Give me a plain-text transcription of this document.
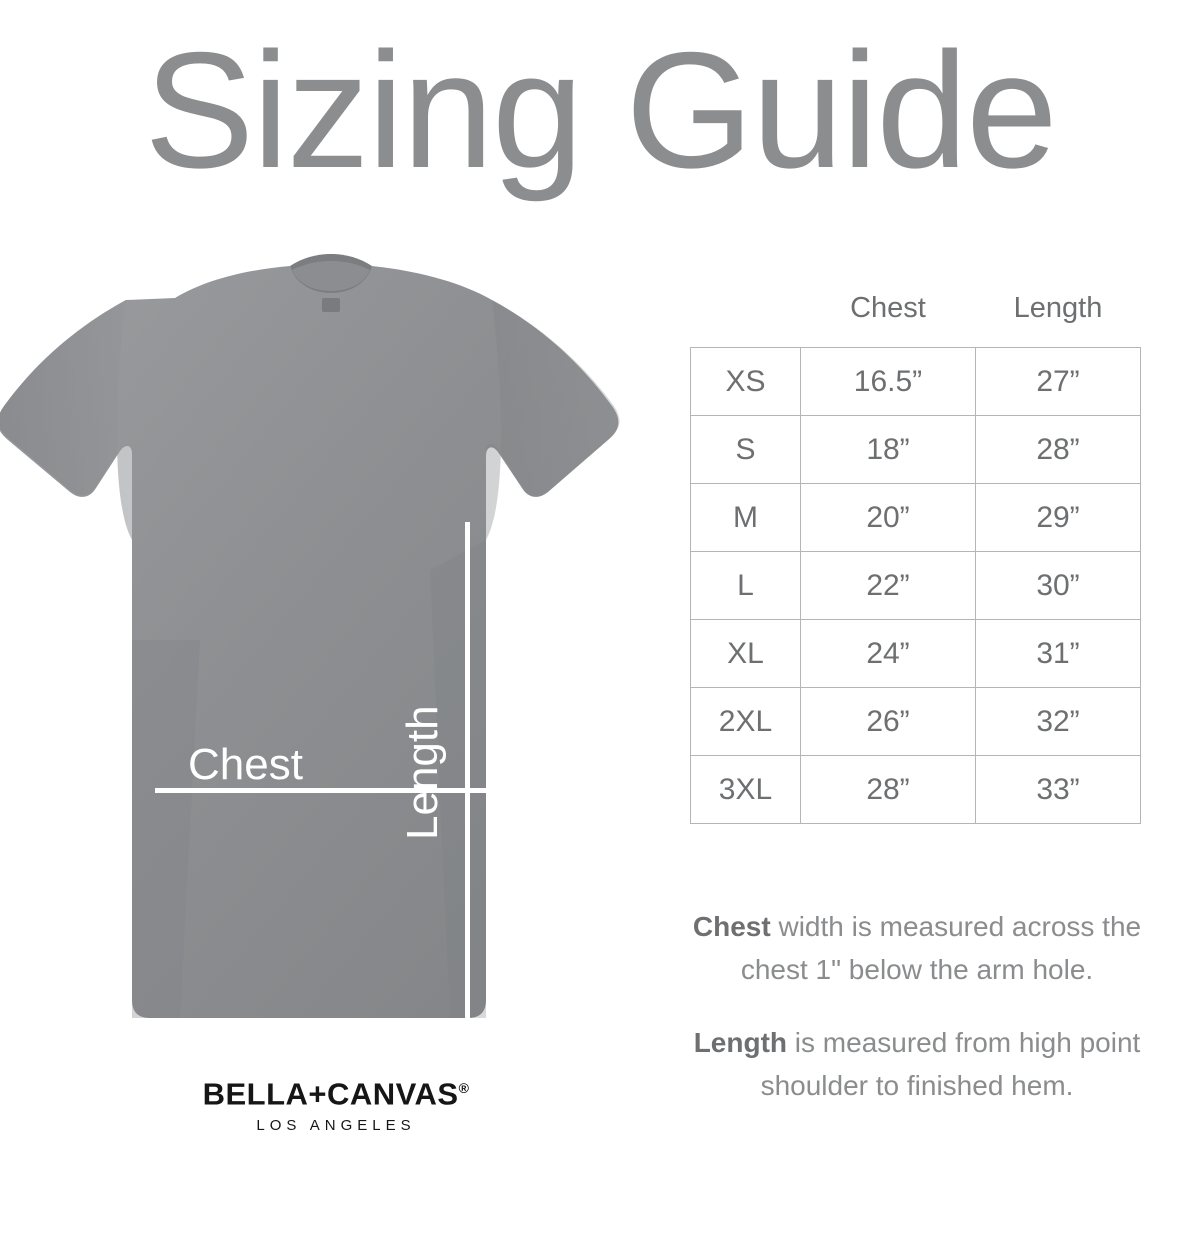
Sizing Guide
Chest Length
BELLA+CANVAS®
LOS ANGELES
	Chest	Length
XS	16.5”	27”
S	18”	28”
M	20”	29”
L	22”	30”
XL	24”	31”
2XL	26”	32”
3XL	28”	33”

Chest width is measured across the chest 1" below the arm hole.

Length is measured from high point shoulder to finished hem.
